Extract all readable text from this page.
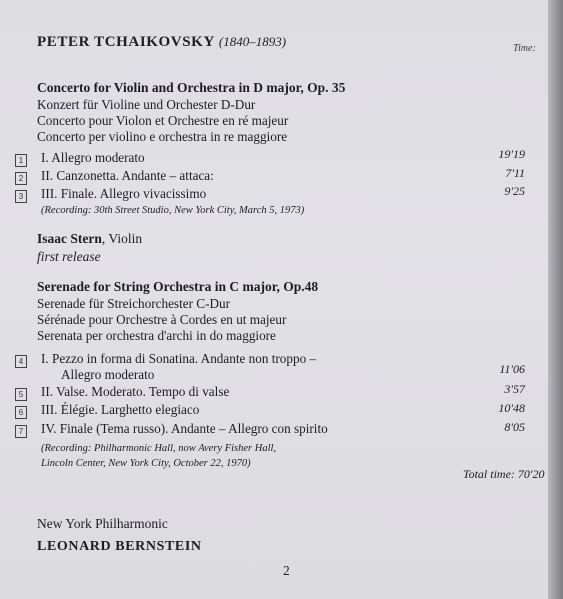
PETER TCHAIKOVSKY (1840–1893)	Time:
Concerto for Violin and Orchestra in D major, Op. 35
Konzert für Violine und Orchester D-Dur
Concerto pour Violon et Orchestre en ré majeur
Concerto per violino e orchestra in re maggiore
1 I. Allegro moderato	19'19
2 II. Canzonetta. Andante – attaca:	7'11
3 III. Finale. Allegro vivacissimo	9'25
(Recording: 30th Street Studio, New York City, March 5, 1973)
Isaac Stern, Violin
first release
Serenade for String Orchestra in C major, Op.48
Serenade für Streichorchester C-Dur
Sérénade pour Orchestre à Cordes en ut majeur
Serenata per orchestra d'archi in do maggiore
4 I. Pezzo in forma di Sonatina. Andante non troppo –
Allegro moderato	11'06
5 II. Valse. Moderato. Tempo di valse	3'57
6 III. Élégie. Larghetto elegiaco	10'48
7 IV. Finale (Tema russo). Andante – Allegro con spirito	8'05
(Recording: Philharmonic Hall, now Avery Fisher Hall,
Lincoln Center, New York City, October 22, 1970)
Total time: 70'20
New York Philharmonic
LEONARD BERNSTEIN
2
